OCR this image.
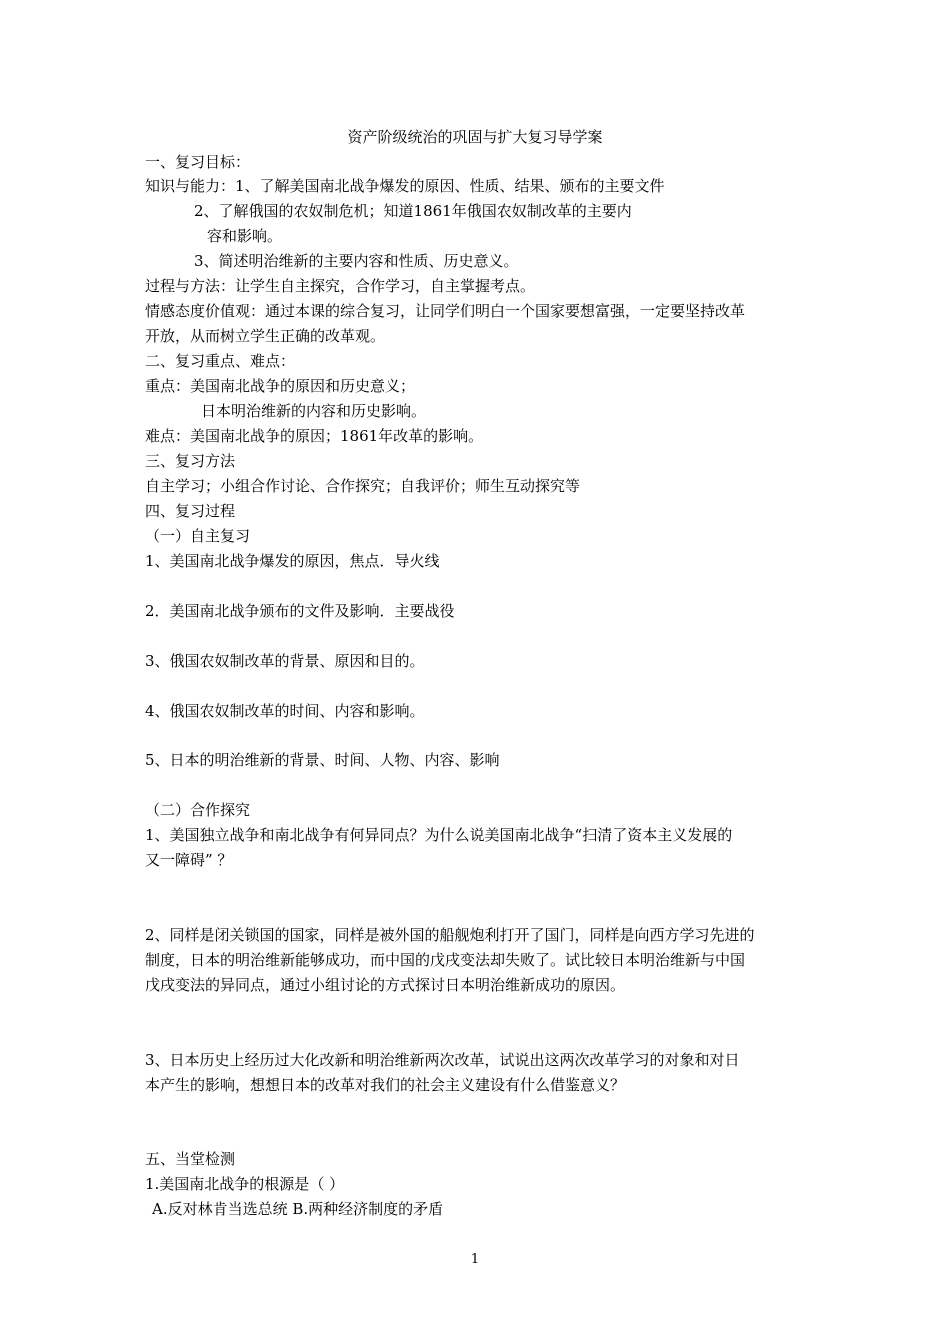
资产阶级统治的巩固与扩大复习导学案
一、复习目标：
知识与能力：1、了解美国南北战争爆发的原因、性质、结果、颁布的主要文件
2、了解俄国的农奴制危机；知道1861年俄国农奴制改革的主要内
容和影响。
3、简述明治维新的主要内容和性质、历史意义。
过程与方法：让学生自主探究，合作学习，自主掌握考点。
情感态度价值观：通过本课的综合复习，让同学们明白一个国家要想富强，一定要坚持改革
开放，从而树立学生正确的改革观。
二、复习重点、难点：
重点：美国南北战争的原因和历史意义；
日本明治维新的内容和历史影响。
难点：美国南北战争的原因；1861年改革的影响。
三、复习方法
自主学习；小组合作讨论、合作探究；自我评价；师生互动探究等
四、复习过程
（一）自主复习
1、美国南北战争爆发的原因，焦点．导火线
2．美国南北战争颁布的文件及影响．主要战役
3、俄国农奴制改革的背景、原因和目的。
4、俄国农奴制改革的时间、内容和影响。
5、日本的明治维新的背景、时间、人物、内容、影响
（二）合作探究
1、美国独立战争和南北战争有何异同点？为什么说美国南北战争“扫清了资本主义发展的
又一障碍” ？
2、同样是闭关锁国的国家，同样是被外国的船舰炮利打开了国门，同样是向西方学习先进的
制度，日本的明治维新能够成功，而中国的戊戌变法却失败了。试比较日本明治维新与中国
戊戌变法的异同点，通过小组讨论的方式探讨日本明治维新成功的原因。
3、日本历史上经历过大化改新和明治维新两次改革，试说出这两次改革学习的对象和对日
本产生的影响，想想日本的改革对我们的社会主义建设有什么借鉴意义？
五、当堂检测
1.美国南北战争的根源是（ ）
A.反对林肯当选总统 B.两种经济制度的矛盾
1
